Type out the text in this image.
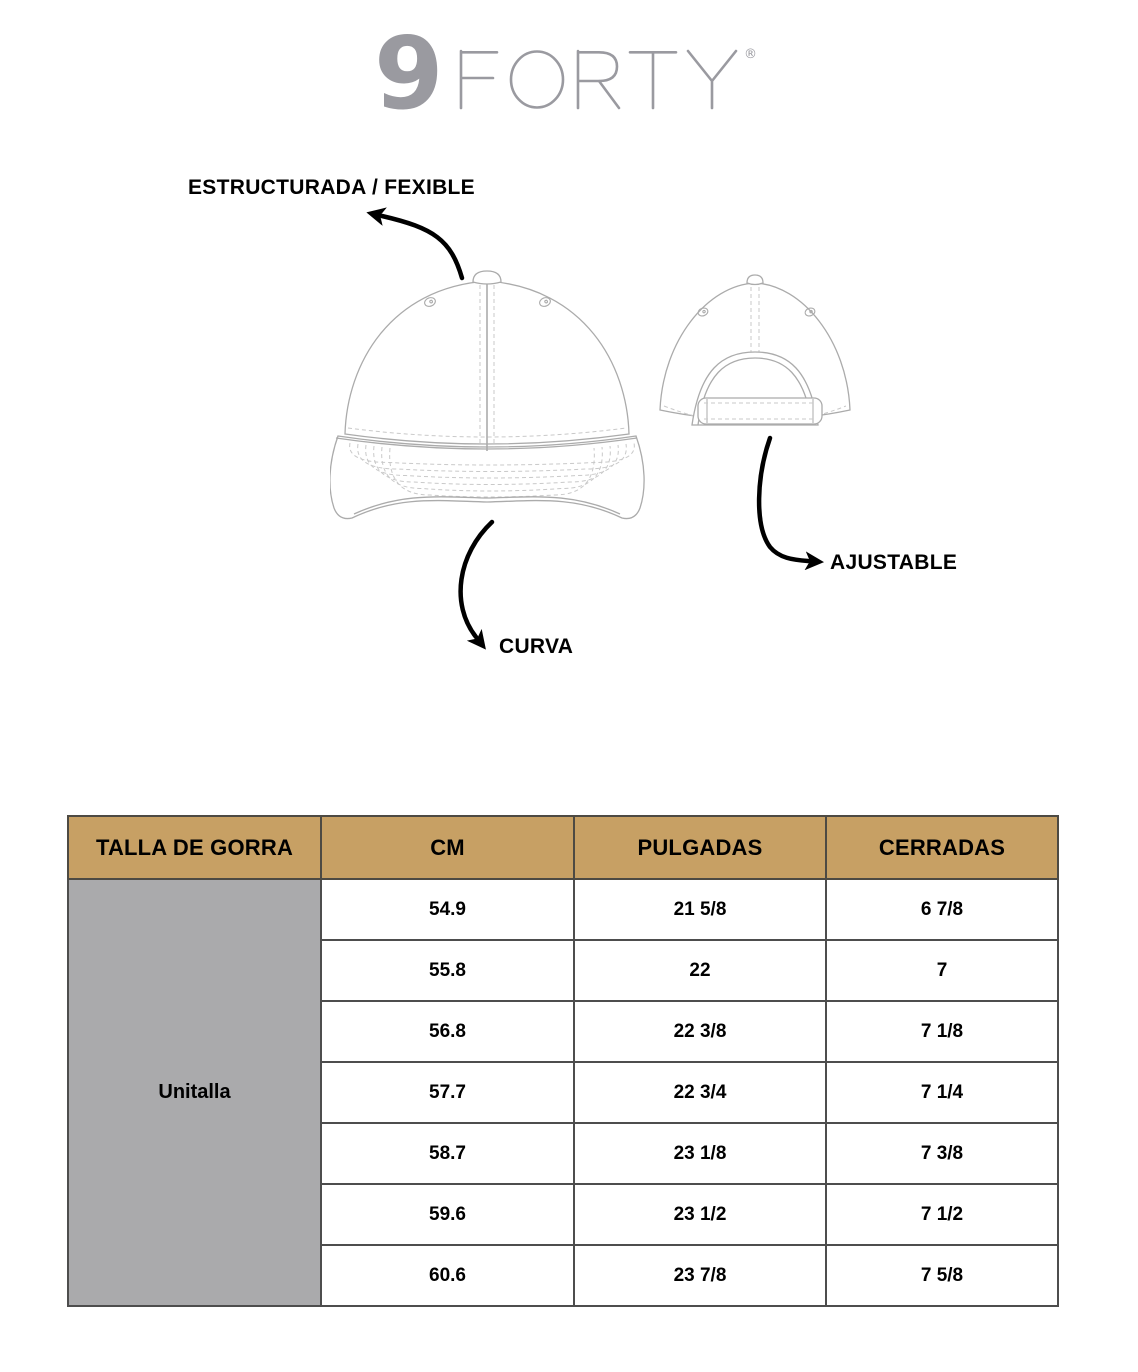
9	®
ESTRUCTURADA / FEXIBLE
AJUSTABLE
CURVA
TALLA DE GORRA	CM	PULGADAS	CERRADAS
Unitalla	54.9	21 5/8	6 7/8
	55.8	22	7
	56.8	22 3/8	7 1/8
	57.7	22 3/4	7 1/4
	58.7	23 1/8	7 3/8
	59.6	23 1/2	7 1/2
	60.6	23 7/8	7 5/8
